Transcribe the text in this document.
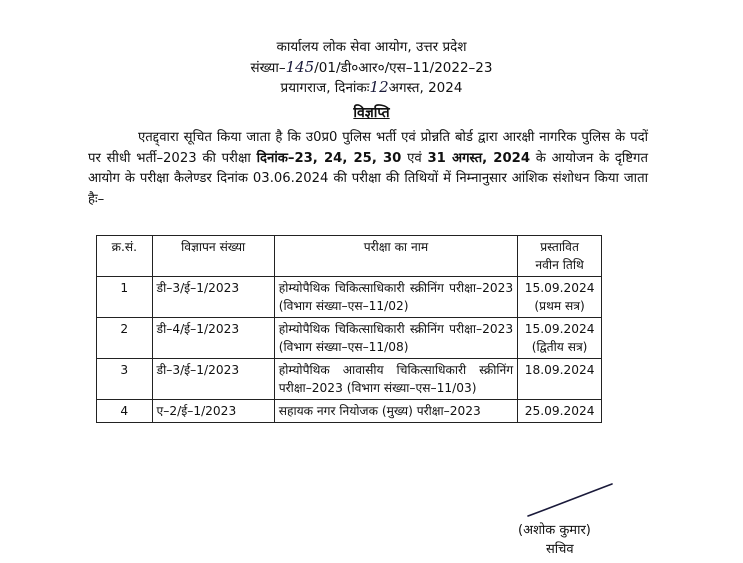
कार्यालय लोक सेवा आयोग, उत्तर प्रदेश
संख्या–145/01/डी०आर०/एस–11/2022–23
प्रयागराज, दिनांकः12अगस्त, 2024
विज्ञप्ति
एतद्द्वारा सूचित किया जाता है कि उ0प्र0 पुलिस भर्ती एवं प्रोन्नति बोर्ड द्वारा आरक्षी नागरिक पुलिस के पदों पर सीधी भर्ती–2023 की परीक्षा दिनांक–23, 24, 25, 30 एवं 31 अगस्त, 2024 के आयोजन के दृष्टिगत आयोग के परीक्षा कैलेण्डर दिनांक 03.06.2024 की परीक्षा की तिथियों में निम्नानुसार आंशिक संशोधन किया जाता हैः–
क्र.सं.	विज्ञापन संख्या	परीक्षा का नाम	प्रस्तावित
नवीन तिथि

1	डी–3/ई–1/2023	होम्योपैथिक चिकित्साधिकारी स्क्रीनिंग परीक्षा–2023 (विभाग संख्या–एस–11/02)	15.09.2024
(प्रथम सत्र)

2	डी–4/ई–1/2023	होम्योपैथिक चिकित्साधिकारी स्क्रीनिंग परीक्षा–2023 (विभाग संख्या–एस–11/08)	15.09.2024
(द्वितीय सत्र)

3	डी–3/ई–1/2023	होम्योपैथिक आवासीय चिकित्साधिकारी स्क्रीनिंग परीक्षा–2023 (विभाग संख्या–एस–11/03)	18.09.2024

4	ए–2/ई–1/2023	सहायक नगर नियोजक (मुख्य) परीक्षा–2023	25.09.2024
(अशोक कुमार)
सचिव
